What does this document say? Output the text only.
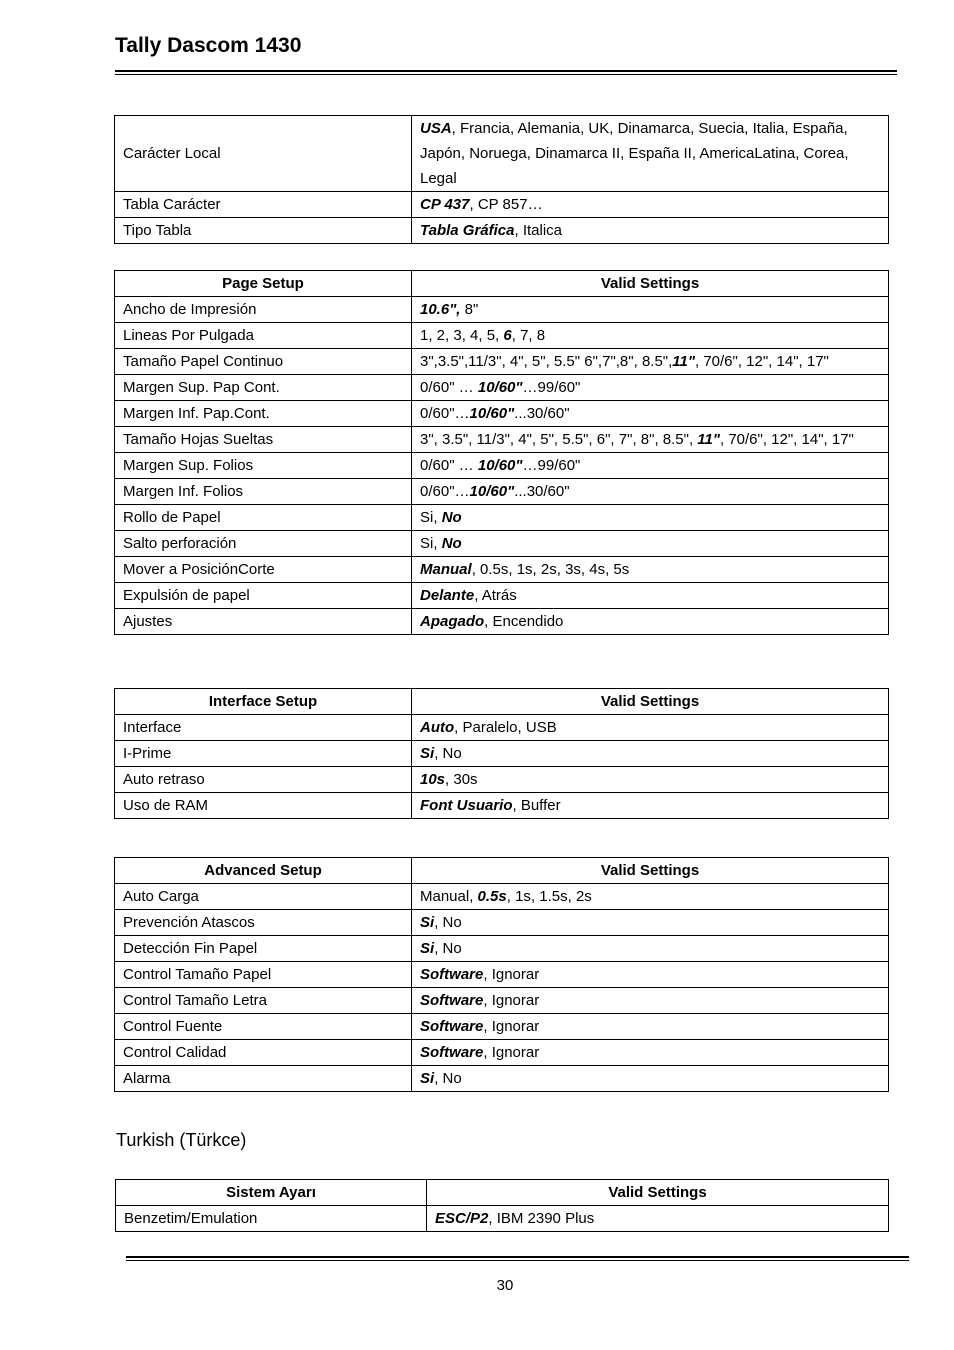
Tally Dascom 1430
Carácter Local	USA, Francia, Alemania, UK, Dinamarca, Suecia, Italia, España, Japón, Noruega, Dinamarca II, España II, AmericaLatina, Corea, Legal
Tabla Carácter	CP 437, CP 857…
Tipo Tabla	Tabla Gráfica, Italica
Page Setup	Valid Settings
Ancho de Impresión	10.6", 8"
Lineas Por Pulgada	1, 2, 3, 4, 5, 6, 7, 8
Tamaño Papel Continuo	3",3.5",11/3", 4", 5", 5.5" 6",7",8", 8.5",11", 70/6", 12", 14", 17"
Margen Sup. Pap Cont.	0/60" … 10/60"…99/60"
Margen Inf. Pap.Cont.	0/60"…10/60"...30/60"
Tamaño Hojas Sueltas	3", 3.5", 11/3", 4", 5", 5.5", 6", 7", 8", 8.5", 11", 70/6", 12", 14", 17"
Margen Sup. Folios	0/60" … 10/60"…99/60"
Margen Inf. Folios	0/60"…10/60"...30/60"
Rollo de Papel	Si, No
Salto perforación	Si, No
Mover a PosiciónCorte	Manual, 0.5s, 1s, 2s, 3s, 4s, 5s
Expulsión de papel	Delante, Atrás
Ajustes	Apagado, Encendido
Interface Setup	Valid Settings
Interface	Auto, Paralelo, USB
I-Prime	Si, No
Auto retraso	10s, 30s
Uso de RAM	Font Usuario, Buffer
Advanced Setup	Valid Settings
Auto Carga	Manual, 0.5s, 1s, 1.5s, 2s
Prevención Atascos	Si, No
Detección Fin Papel	Si, No
Control Tamaño Papel	Software, Ignorar
Control Tamaño Letra	Software, Ignorar
Control Fuente	Software, Ignorar
Control Calidad	Software, Ignorar
Alarma	Si, No
Turkish (Türkce)
Sistem Ayarı	Valid Settings
Benzetim/Emulation	ESC/P2, IBM 2390 Plus
30
